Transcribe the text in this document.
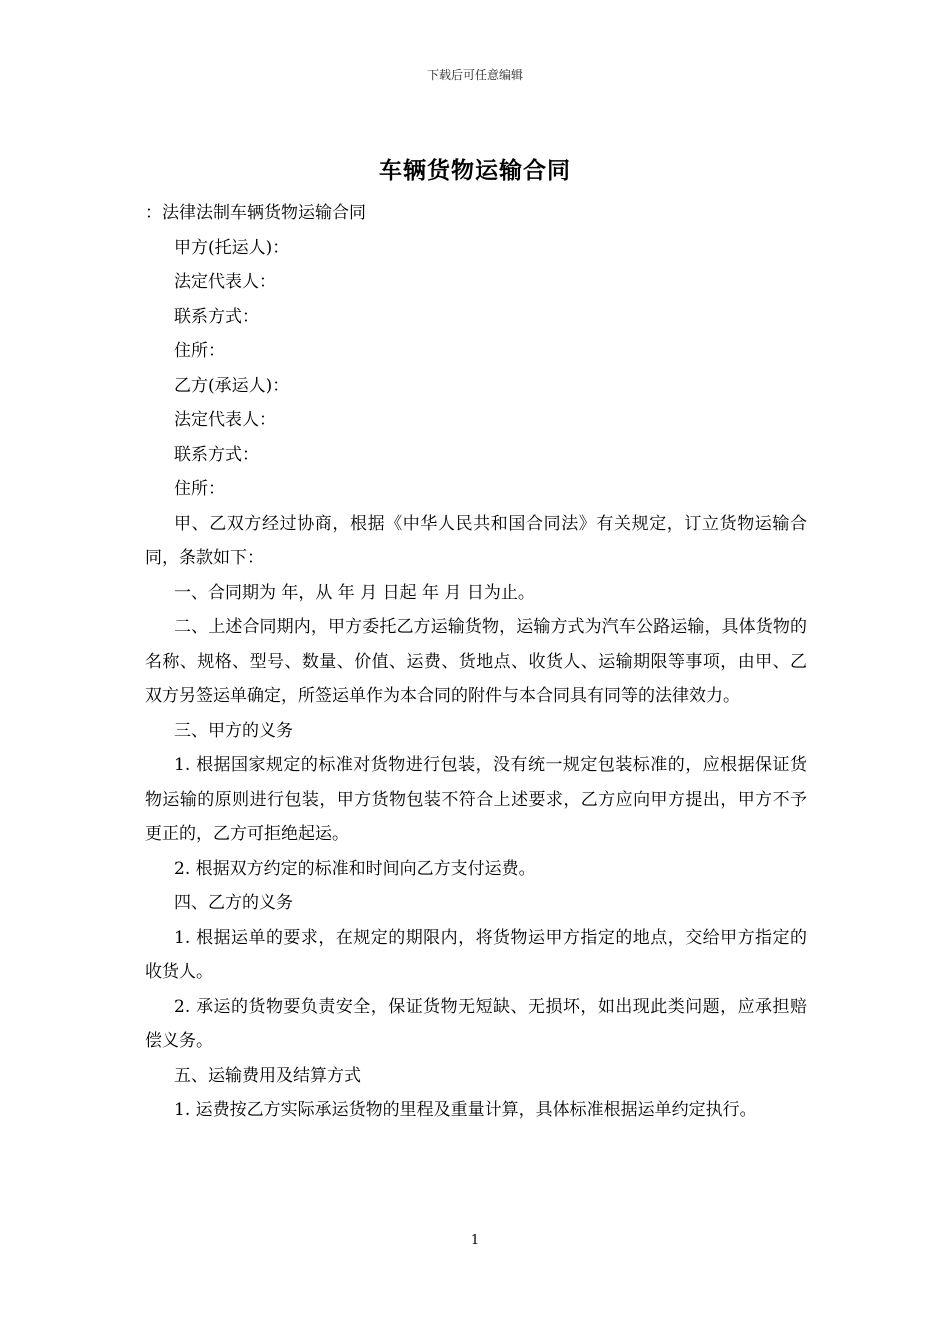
下载后可任意编辑
车辆货物运输合同

：法律法制车辆货物运输合同

甲方(托运人)：

法定代表人：

联系方式：

住所：

乙方(承运人)：

法定代表人：

联系方式：

住所：

甲、乙双方经过协商，根据《中华人民共和国合同法》有关规定，订立货物运输合同，条款如下：

一、合同期为 年，从 年 月 日起 年 月 日为止。

二、上述合同期内，甲方委托乙方运输货物，运输方式为汽车公路运输，具体货物的名称、规格、型号、数量、价值、运费、货地点、收货人、运输期限等事项，由甲、乙双方另签运单确定，所签运单作为本合同的附件与本合同具有同等的法律效力。

三、甲方的义务

1. 根据国家规定的标准对货物进行包装，没有统一规定包装标准的，应根据保证货物运输的原则进行包装，甲方货物包装不符合上述要求，乙方应向甲方提出，甲方不予更正的，乙方可拒绝起运。

2. 根据双方约定的标准和时间向乙方支付运费。

四、乙方的义务

1. 根据运单的要求，在规定的期限内，将货物运甲方指定的地点，交给甲方指定的收货人。

2. 承运的货物要负责安全，保证货物无短缺、无损坏，如出现此类问题，应承担赔偿义务。

五、运输费用及结算方式

1. 运费按乙方实际承运货物的里程及重量计算，具体标准根据运单约定执行。

1
